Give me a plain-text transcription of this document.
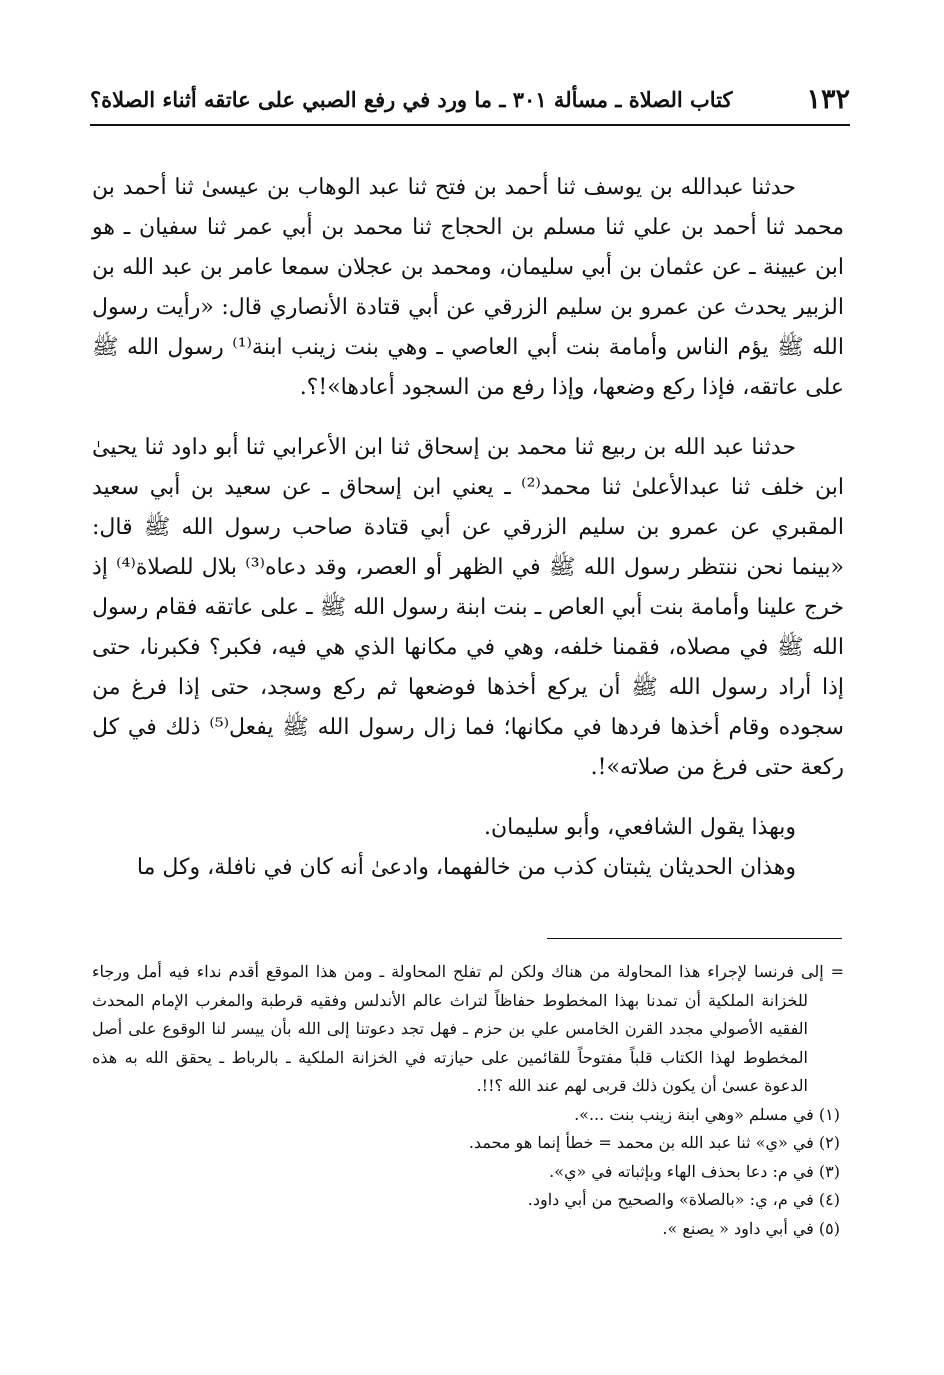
١٣٢
كتاب الصلاة ـ مسألة ٣٠١ ـ ما ورد في رفع الصبي على عاتقه أثناء الصلاة؟

حدثنا عبدالله بن يوسف ثنا أحمد بن فتح ثنا عبد الوهاب بن عيسىٰ ثنا أحمد بن محمد ثنا أحمد بن علي ثنا مسلم بن الحجاج ثنا محمد بن أبي عمر ثنا سفيان ـ هو ابن عيينة ـ عن عثمان بن أبي سليمان، ومحمد بن عجلان سمعا عامر بن عبد الله بن الزبير يحدث عن عمرو بن سليم الزرقي عن أبي قتادة الأنصاري قال: «رأيت رسول الله ﷺ يؤم الناس وأمامة بنت أبي العاصي ـ وهي بنت زينب ابنة⁽¹⁾ رسول الله ﷺ على عاتقه، فإذا ركع وضعها، وإذا رفع من السجود أعادها»!؟.

حدثنا عبد الله بن ربيع ثنا محمد بن إسحاق ثنا ابن الأعرابي ثنا أبو داود ثنا يحيىٰ ابن خلف ثنا عبدالأعلىٰ ثنا محمد⁽²⁾ ـ يعني ابن إسحاق ـ عن سعيد بن أبي سعيد المقبري عن عمرو بن سليم الزرقي عن أبي قتادة صاحب رسول الله ﷺ قال: «بينما نحن ننتظر رسول الله ﷺ في الظهر أو العصر، وقد دعاه⁽³⁾ بلال للصلاة⁽⁴⁾ إذ خرج علينا وأمامة بنت أبي العاص ـ بنت ابنة رسول الله ﷺ ـ على عاتقه فقام رسول الله ﷺ في مصلاه، فقمنا خلفه، وهي في مكانها الذي هي فيه، فكبر؟ فكبرنا، حتى إذا أراد رسول الله ﷺ أن يركع أخذها فوضعها ثم ركع وسجد، حتى إذا فرغ من سجوده وقام أخذها فردها في مكانها؛ فما زال رسول الله ﷺ يفعل⁽⁵⁾ ذلك في كل ركعة حتى فرغ من صلاته»!.

وبهذا يقول الشافعي، وأبو سليمان.

وهذان الحديثان يثبتان كذب من خالفهما، وادعىٰ أنه كان في نافلة، وكل ما

= إلى فرنسا لإجراء هذا المحاولة من هناك ولكن لم تفلح المحاولة ـ ومن هذا الموقع أقدم نداء فيه أمل ورجاء للخزانة الملكية أن تمدنا بهذا المخطوط حفاظاً لتراث عالم الأندلس وفقيه قرطبة والمغرب الإمام المحدث الفقيه الأصولي مجدد القرن الخامس علي بن حزم ـ فهل تجد دعوتنا إلى الله بأن ييسر لنا الوقوع على أصل المخطوط لهذا الكتاب قلباً مفتوحاً للقائمين على حيازته في الخزانة الملكية ـ بالرباط ـ يحقق الله به هذه الدعوة عسىٰ أن يكون ذلك قربى لهم عند الله ؟!!.

(١) في مسلم «وهي ابنة زينب بنت ...».

(٢) في «ي» ثنا عبد الله بن محمد = خطأ إنما هو محمد.

(٣) في م: دعا بحذف الهاء وبإثباته في «ي».

(٤) في م، ي: «بالصلاة» والصحيح من أبي داود.

(٥) في أبي داود « يصنع ».
